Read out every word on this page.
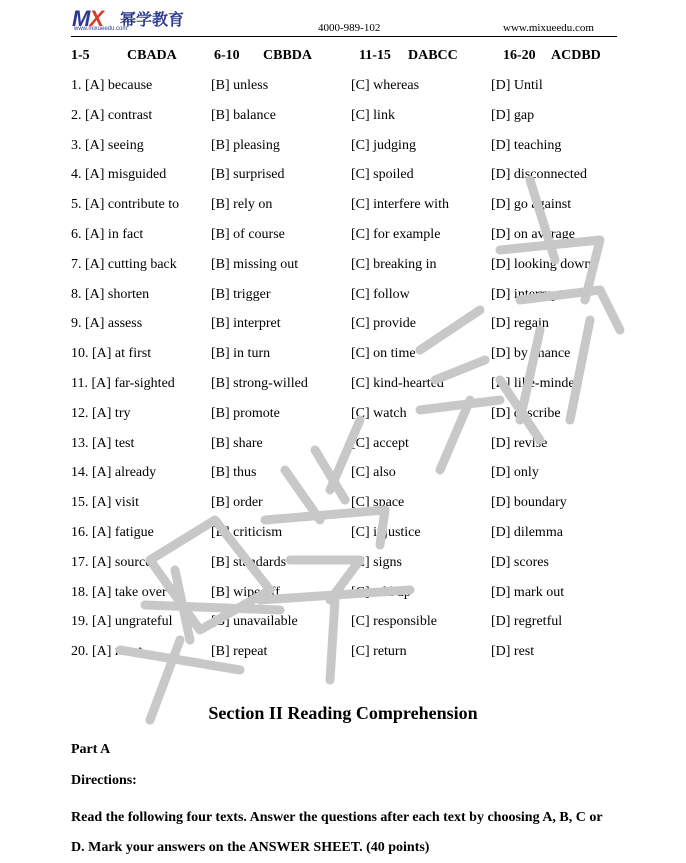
MX 幂学教育
www.mixueedu.com	4000-989-102	www.mixueedu.com
1-5	CBADA	6-10 CBBDA	11-15 DABCC	16-20 ACDBD
1. [A] because	[B] unless	[C] whereas	[D] Until
2. [A] contrast	[B] balance	[C] link	[D] gap
3. [A] seeing	[B] pleasing	[C] judging	[D] teaching
4. [A] misguided	[B] surprised	[C] spoiled	[D] disconnected
5. [A] contribute to [B] rely on	[C] interfere with	[D] go against
6. [A] in fact	[B] of course	[C] for example	[D] on average
7. [A] cutting back [B] missing out	[C] breaking in	[D] looking down
8. [A] shorten	[B] trigger	[C] follow	[D] interrupt
9. [A] assess	[B] interpret	[C] provide	[D] regain
10. [A] at first	[B] in turn	[C] on time	[D] by chance
11. [A] far-sighted	[B] strong-willed	[C] kind-hearted	[D] like-minded
12. [A] try	[B] promote	[C] watch	[D] describe
13. [A] test	[B] share	[C] accept	[D] revise
14. [A] already	[B] thus	[C] also	[D] only
15. [A] visit	[B] order	[C] space	[D] boundary
16. [A] fatigue	[B] criticism	[C] injustice	[D] dilemma
17. [A] sources	[B] standards	[C] signs	[D] scores
18. [A] take over	[B] wipe off	[C] add up	[D] mark out
19. [A] ungrateful	[B] unavailable	[C] responsible	[D] regretful
20. [A] react	[B] repeat	[C] return	[D] rest
Section II Reading Comprehension
Part A
Directions:
Read the following four texts. Answer the questions after each text by choosing A, B, C or D. Mark your answers on the ANSWER SHEET. (40 points)
